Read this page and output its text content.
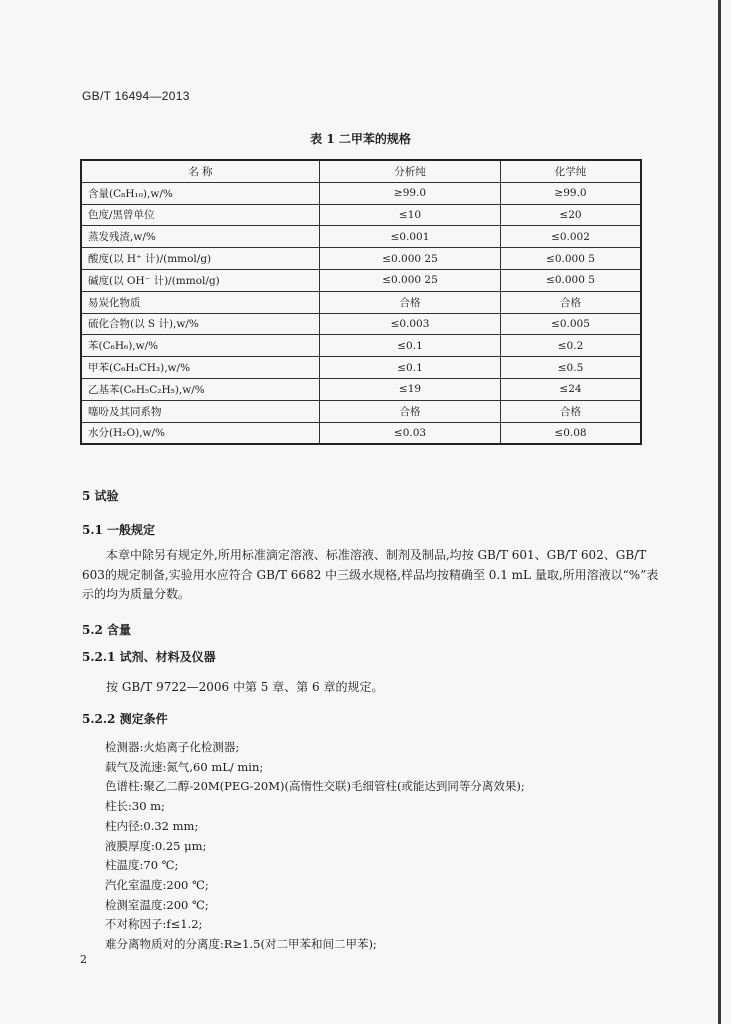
GB/T 16494—2013
表 1 二甲苯的规格
名 称	分析纯	化学纯
含量(C₈H₁₀),w/%	≥99.0	≥99.0
色度/黑曾单位	≤10	≤20
蒸发残渣,w/%	≤0.001	≤0.002
酸度(以 H⁺ 计)/(mmol/g)	≤0.000 25	≤0.000 5
碱度(以 OH⁻ 计)/(mmol/g)	≤0.000 25	≤0.000 5
易炭化物质	合格	合格
硫化合物(以 S 计),w/%	≤0.003	≤0.005
苯(C₆H₆),w/%	≤0.1	≤0.2
甲苯(C₆H₅CH₃),w/%	≤0.1	≤0.5
乙基苯(C₆H₅C₂H₅),w/%	≤19	≤24
噻吩及其同系物	合格	合格
水分(H₂O),w/%	≤0.03	≤0.08
5 试验
5.1 一般规定
本章中除另有规定外,所用标准滴定溶液、标准溶液、制剂及制品,均按 GB/T 601、GB/T 602、GB/T 603的规定制备,实验用水应符合 GB/T 6682 中三级水规格,样品均按精确至 0.1 mL 量取,所用溶液以“%”表示的均为质量分数。
5.2 含量
5.2.1 试剂、材料及仪器
按 GB/T 9722—2006 中第 5 章、第 6 章的规定。
5.2.2 测定条件
检测器:火焰离子化检测器;
载气及流速:氮气,60 mL/ min;
色谱柱:聚乙二醇-20M(PEG-20M)(高惰性交联)毛细管柱(或能达到同等分离效果);
柱长:30 m;
柱内径:0.32 mm;
液膜厚度:0.25 μm;
柱温度:70 ℃;
汽化室温度:200 ℃;
检测室温度:200 ℃;
不对称因子:f≤1.2;
难分离物质对的分离度:R≥1.5(对二甲苯和间二甲苯);
2
